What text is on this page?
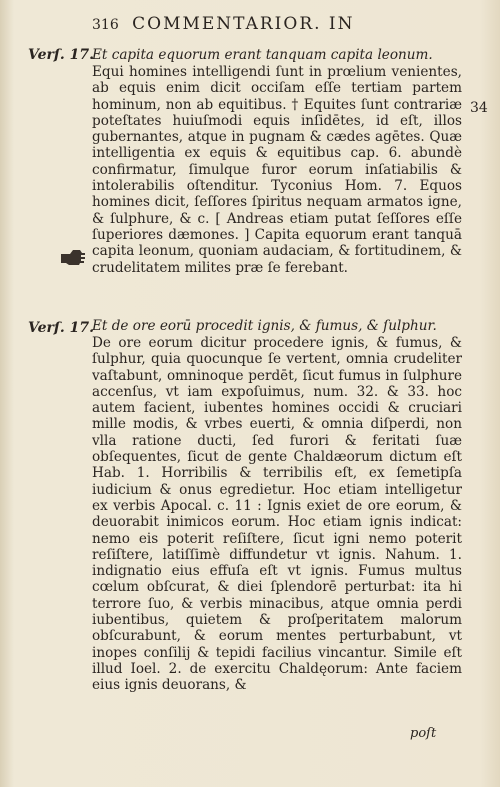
316 COMMENTARIOR. IN
Verſ. 17.
34
Et capita equorum erant tanquam capita leonum.
Equi homines intelligendi ſunt in prœlium venientes, ab equis enim dicit occiſam eſſe tertiam partem hominum, non ab equitibus. † Equites ſunt contrariæ poteſtates huiuſmodi equis inſidētes, id eſt, illos gubernantes, atque in pugnam & cædes agētes. Quæ intelligentia ex equis & equitibus cap. 6. abundè confirmatur, ſimulque furor eorum inſatiabilis & intolerabilis oſtenditur. Tyconius Hom. 7. Equos homines dicit, ſeſſores ſpiritus nequam armatos igne, & ſulphure, & c. [ Andreas etiam putat ſeſſores eſſe ſuperiores dæmones. ] Capita equorum erant tanquā capita leonum, quoniam audaciam, & fortitudinem, & crudelitatem milites præ ſe ferebant.
Verſ. 17.
Et de ore eorū procedit ignis, & fumus, & ſulphur.
De ore eorum dicitur procedere ignis, & fumus, & ſulphur, quia quocunque ſe vertent, omnia crudeliter vaſtabunt, omninoque perdēt, ſicut fumus in ſulphure accenſus, vt iam expoſuimus, num. 32. & 33. hoc autem facient, iubentes homines occidi & cruciari mille modis, & vrbes euerti, & omnia diſperdi, non vlla ratione ducti, ſed furori & feritati ſuæ obſequentes, ſicut de gente Chaldæorum dictum eſt Hab. 1. Horribilis & terribilis eſt, ex ſemetipſa iudicium & onus egredietur. Hoc etiam intelligetur ex verbis Apocal. c. 11 : Ignis exiet de ore eorum, & deuorabit inimicos eorum. Hoc etiam ignis indicat: nemo eis poterit reſiſtere, ſicut igni nemo poterit reſiſtere, latiſſimè diffundetur vt ignis. Nahum. 1. indignatio eius effuſa eſt vt ignis. Fumus multus cœlum obſcurat, & diei ſplendorē perturbat: ita hi terrore ſuo, & verbis minacibus, atque omnia perdi iubentibus, quietem & proſperitatem malorum obſcurabunt, & eorum mentes perturbabunt, vt inopes conſilij & tepidi facilius vincantur. Simile eſt illud Ioel. 2. de exercitu Chaldęorum: Ante faciem eius ignis deuorans, &
poſt
